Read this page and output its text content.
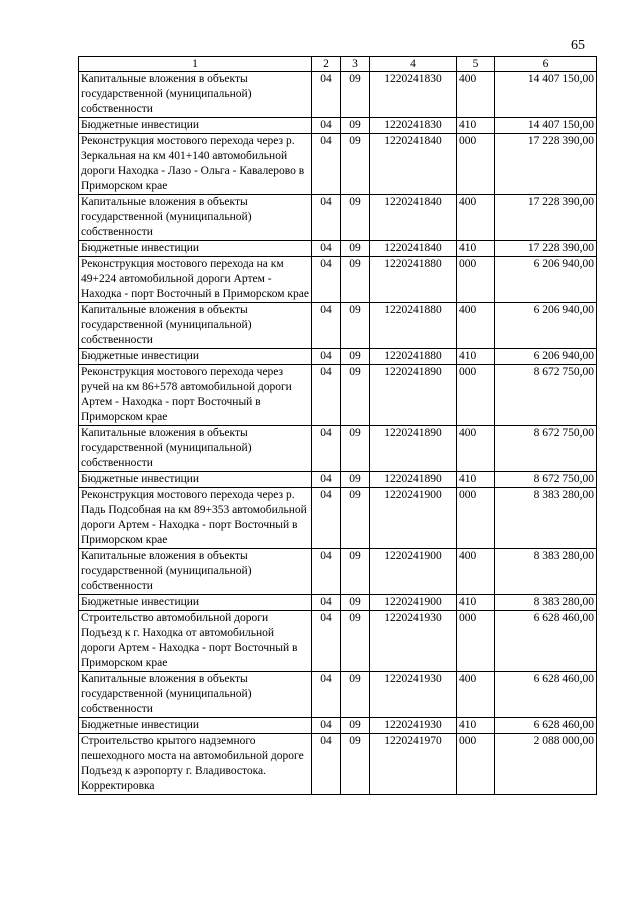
65
1	2	3	4	5	6
Капитальные вложения в объекты государственной (муниципальной) собственности	04	09	1220241830	400	14 407 150,00
Бюджетные инвестиции	04	09	1220241830	410	14 407 150,00
Реконструкция мостового перехода через р. Зеркальная на км 401+140 автомобильной дороги Находка - Лазо - Ольга - Кавалерово в Приморском крае	04	09	1220241840	000	17 228 390,00
Капитальные вложения в объекты государственной (муниципальной) собственности	04	09	1220241840	400	17 228 390,00
Бюджетные инвестиции	04	09	1220241840	410	17 228 390,00
Реконструкция мостового перехода на км 49+224 автомобильной дороги Артем - Находка - порт Восточный в Приморском крае	04	09	1220241880	000	6 206 940,00
Капитальные вложения в объекты государственной (муниципальной) собственности	04	09	1220241880	400	6 206 940,00
Бюджетные инвестиции	04	09	1220241880	410	6 206 940,00
Реконструкция мостового перехода через ручей на км 86+578 автомобильной дороги Артем - Находка - порт Восточный в Приморском крае	04	09	1220241890	000	8 672 750,00
Капитальные вложения в объекты государственной (муниципальной) собственности	04	09	1220241890	400	8 672 750,00
Бюджетные инвестиции	04	09	1220241890	410	8 672 750,00
Реконструкция мостового перехода через р. Падь Подсобная на км 89+353 автомобильной дороги Артем - Находка - порт Восточный в Приморском крае	04	09	1220241900	000	8 383 280,00
Капитальные вложения в объекты государственной (муниципальной) собственности	04	09	1220241900	400	8 383 280,00
Бюджетные инвестиции	04	09	1220241900	410	8 383 280,00
Строительство автомобильной дороги Подъезд к г. Находка от автомобильной дороги Артем - Находка - порт Восточный в Приморском крае	04	09	1220241930	000	6 628 460,00
Капитальные вложения в объекты государственной (муниципальной) собственности	04	09	1220241930	400	6 628 460,00
Бюджетные инвестиции	04	09	1220241930	410	6 628 460,00
Строительство крытого надземного пешеходного моста на автомобильной дороге Подъезд к аэропорту г. Владивостока. Корректировка	04	09	1220241970	000	2 088 000,00
